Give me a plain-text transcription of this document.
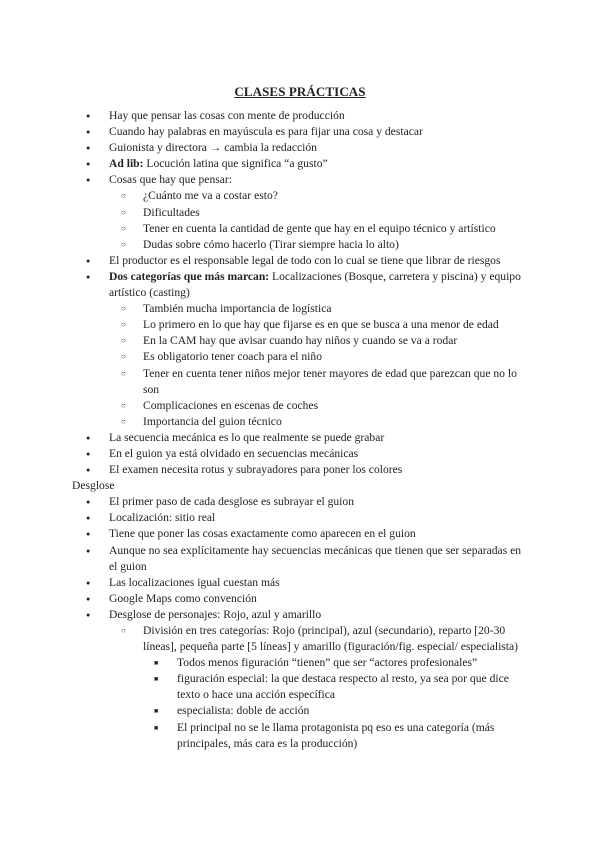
CLASES PRÁCTICAS
● Hay que pensar las cosas con mente de producción
● Cuando hay palabras en mayúscula es para fijar una cosa y destacar
● Guionista y directora → cambia la redacción
● Ad lib: Locución latina que significa “a gusto”
● Cosas que hay que pensar:
○ ¿Cuánto me va a costar esto?
○ Dificultades
○ Tener en cuenta la cantidad de gente que hay en el equipo técnico y artístico
○ Dudas sobre cómo hacerlo (Tirar siempre hacia lo alto)
● El productor es el responsable legal de todo con lo cual se tiene que librar de riesgos
● Dos categorías que más marcan: Localizaciones (Bosque, carretera y piscina) y equipo artístico (casting)
○ También mucha importancia de logística
○ Lo primero en lo que hay que fijarse es en que se busca a una menor de edad
○ En la CAM hay que avisar cuando hay niños y cuando se va a rodar
○ Es obligatorio tener coach para el niño
○ Tener en cuenta tener niños mejor tener mayores de edad que parezcan que no lo son
○ Complicaciones en escenas de coches
○ Importancia del guion técnico
● La secuencia mecánica es lo que realmente se puede grabar
● En el guion ya está olvidado en secuencias mecánicas
● El examen necesita rotus y subrayadores para poner los colores
Desglose
● El primer paso de cada desglose es subrayar el guion
● Localización: sitio real
● Tiene que poner las cosas exactamente como aparecen en el guion
● Aunque no sea explícitamente hay secuencias mecánicas que tienen que ser separadas en el guion
● Las localizaciones igual cuestan más
● Google Maps como convención
● Desglose de personajes: Rojo, azul y amarillo
○ División en tres categorías: Rojo (principal), azul (secundario), reparto [20-30 líneas], pequeña parte [5 líneas] y amarillo (figuración/fig. especial/ especialista)
■ Todos menos figuración “tienen” que ser “actores profesionales”
■ figuración especial: la que destaca respecto al resto, ya sea por que dice texto o hace una acción específica
■ especialista: doble de acción
■ El principal no se le llama protagonista pq eso es una categoría (más principales, más cara es la producción)
